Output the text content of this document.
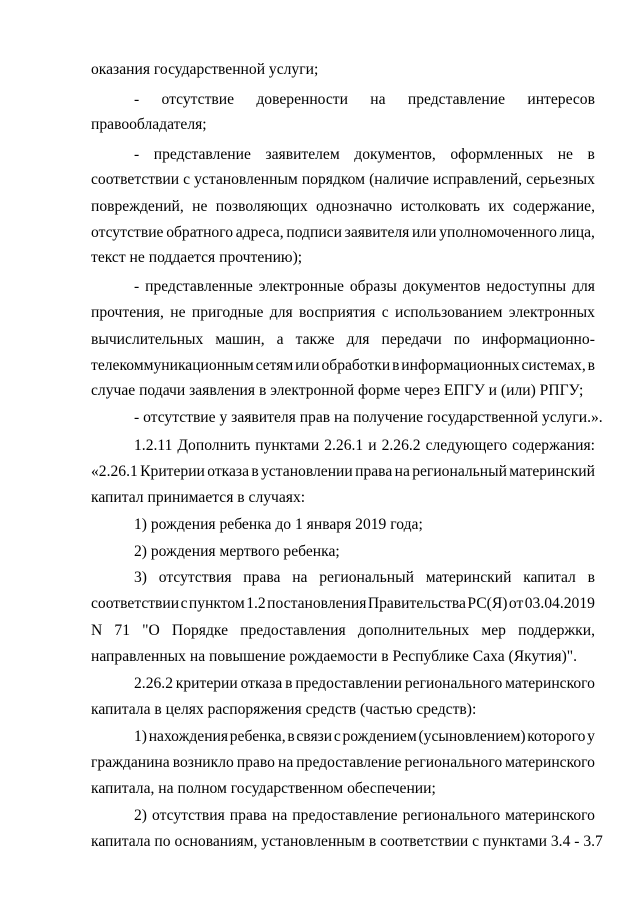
оказания государственной услуги;
- отсутствие доверенности на представление интересов
правообладателя;
- представление заявителем документов, оформленных не в
соответствии с установленным порядком (наличие исправлений, серьезных
повреждений, не позволяющих однозначно истолковать их содержание,
отсутствие обратного адреса, подписи заявителя или уполномоченного лица,
текст не поддается прочтению);
- представленные электронные образы документов недоступны для
прочтения, не пригодные для восприятия с использованием электронных
вычислительных машин, а также для передачи по информационно-
телекоммуникационным сетям или обработки в информационных системах, в
случае подачи заявления в электронной форме через ЕПГУ и (или) РПГУ;
- отсутствие у заявителя прав на получение государственной услуги.».
1.2.11 Дополнить пунктами 2.26.1 и 2.26.2 следующего содержания:
«2.26.1 Критерии отказа в установлении права на региональный материнский
капитал принимается в случаях:
1) рождения ребенка до 1 января 2019 года;
2) рождения мертвого ребенка;
3) отсутствия права на региональный материнский капитал в
соответствии с пунктом 1.2 постановления Правительства РС(Я) от 03.04.2019
N 71 "О Порядке предоставления дополнительных мер поддержки,
направленных на повышение рождаемости в Республике Саха (Якутия)".
2.26.2 критерии отказа в предоставлении регионального материнского
капитала в целях распоряжения средств (частью средств):
1) нахождения ребенка, в связи с рождением (усыновлением) которого у
гражданина возникло право на предоставление регионального материнского
капитала, на полном государственном обеспечении;
2) отсутствия права на предоставление регионального материнского
капитала по основаниям, установленным в соответствии с пунктами 3.4 - 3.7
